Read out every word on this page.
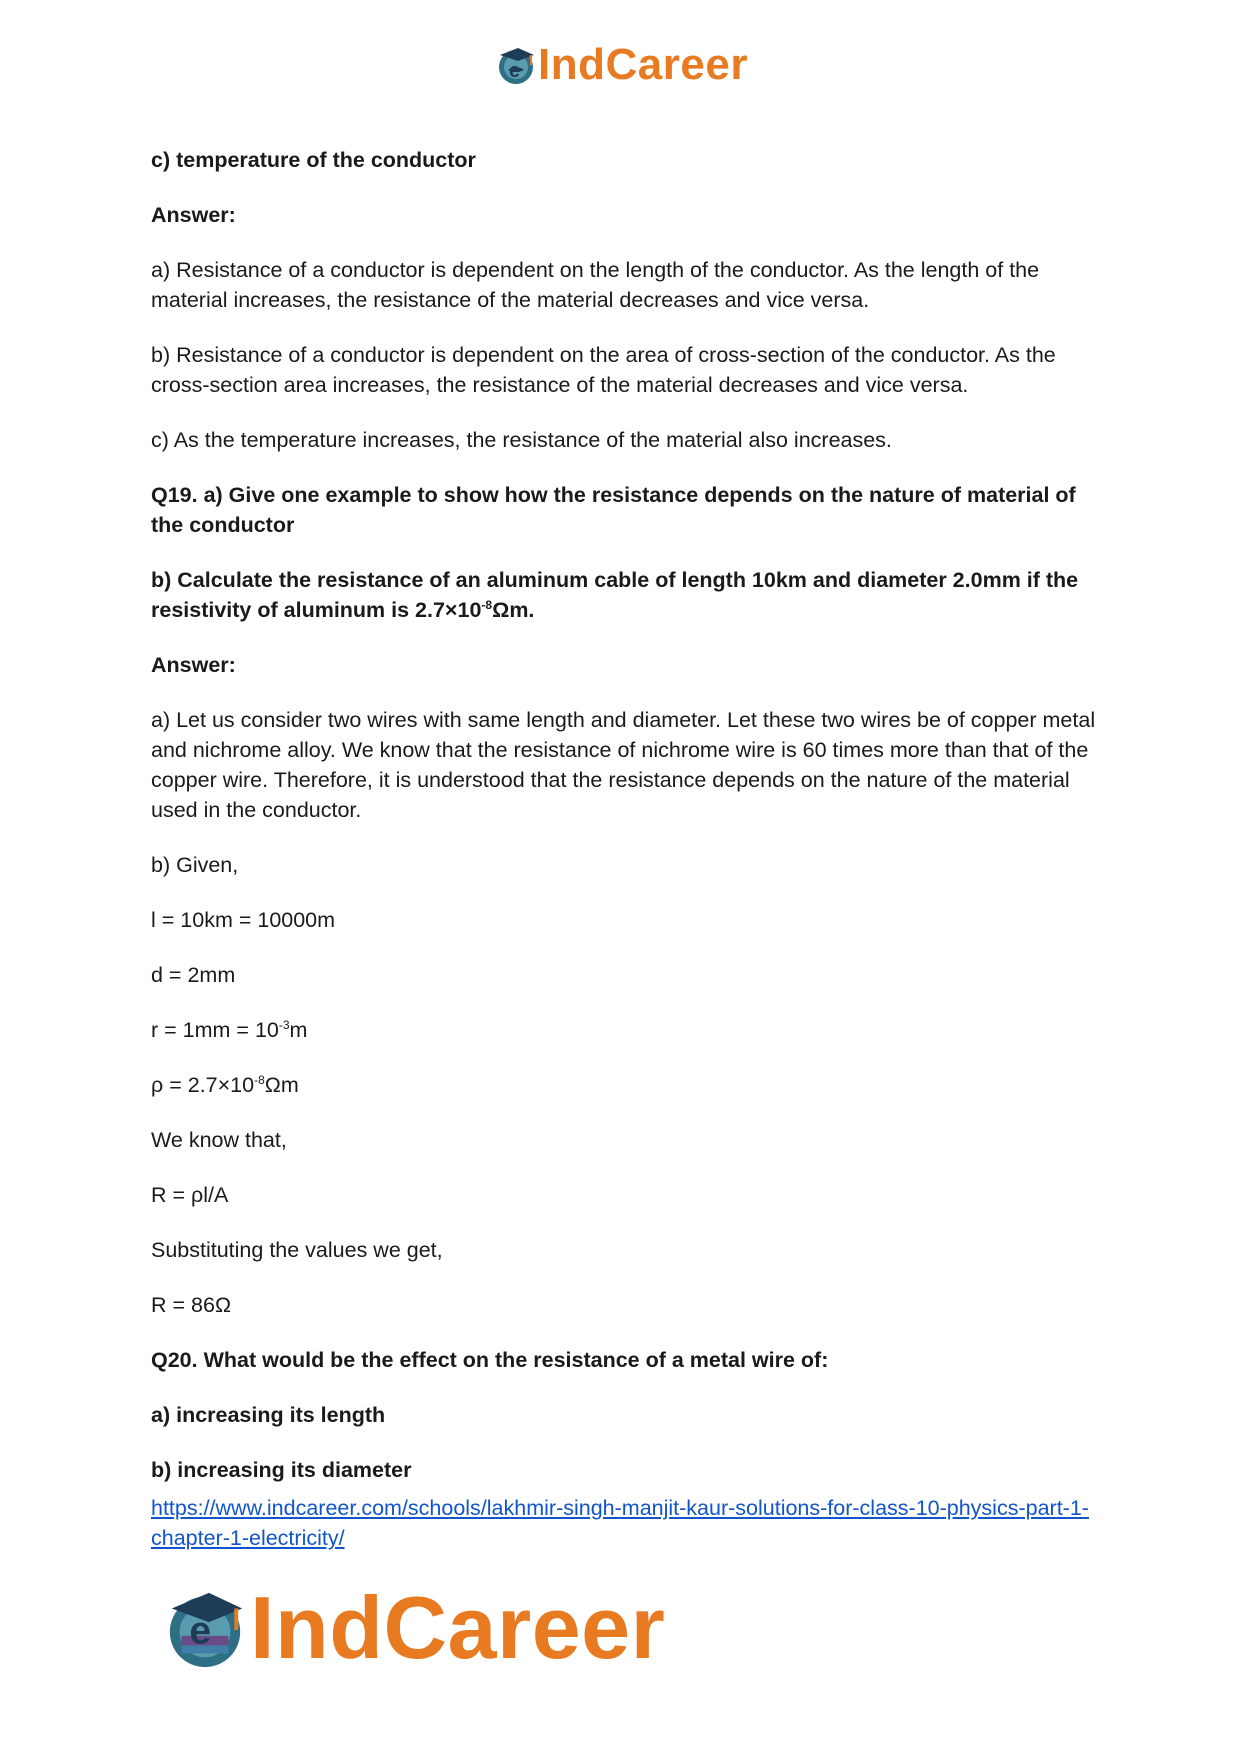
e IndCareer

c) temperature of the conductor

Answer:

a) Resistance of a conductor is dependent on the length of the conductor. As the length of the material increases, the resistance of the material decreases and vice versa.

b) Resistance of a conductor is dependent on the area of cross-section of the conductor. As the cross-section area increases, the resistance of the material decreases and vice versa.

c) As the temperature increases, the resistance of the material also increases.

Q19. a) Give one example to show how the resistance depends on the nature of material of the conductor

b) Calculate the resistance of an aluminum cable of length 10km and diameter 2.0mm if the resistivity of aluminum is $2.7\times 10^{-8}\Omega m$.

Answer:

a) Let us consider two wires with same length and diameter. Let these two wires be of copper metal and nichrome alloy. We know that the resistance of nichrome wire is 60 times more than that of the copper wire. Therefore, it is understood that the resistance depends on the nature of the material used in the conductor.

b) Given,

l = 10km = 10000m

d = 2mm

$r = 1mm = 10^{-3}m$

$\rho = 2.7\times 10^{-8}\Omega m$

We know that,

R = ρl/A

Substituting the values we get,

R = 86Ω

Q20. What would be the effect on the resistance of a metal wire of:

a) increasing its length

b) increasing its diameter

https://www.indcareer.com/schools/lakhmir-singh-manjit-kaur-solutions-for-class-10-physics-part-1-chapter-1-electricity/
e IndCareer
